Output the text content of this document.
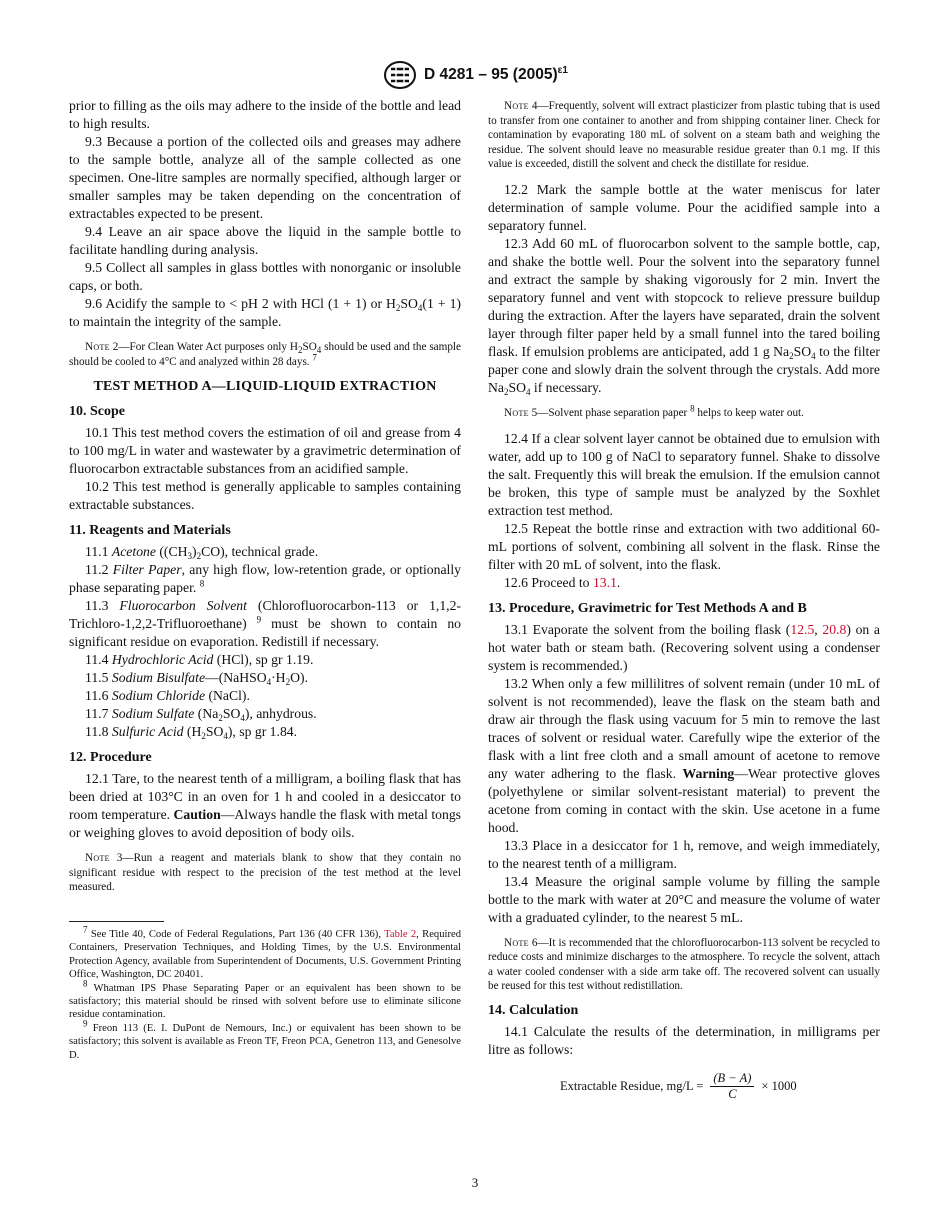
D 4281 – 95 $(2005)^{\varepsilon 1}$

prior to filling as the oils may adhere to the inside of the bottle and lead to high results.

9.3 Because a portion of the collected oils and greases may adhere to the sample bottle, analyze all of the sample collected as one specimen. One-litre samples are normally specified, although larger or smaller samples may be taken depending on the concentration of extractables expected to be present.

9.4 Leave an air space above the liquid in the sample bottle to facilitate handling during analysis.

9.5 Collect all samples in glass bottles with nonorganic or insoluble caps, or both.

9.6 Acidify the sample to < pH 2 with HCl (1 + 1) or $H_2SO_4(1 + 1)$ to maintain the integrity of the sample.

Note 2—For Clean Water Act purposes only $H_2SO_4$ should be used and the sample should be cooled to 4°C and analyzed within 28 days. $^7$

TEST METHOD A—LIQUID-LIQUID EXTRACTION
10. Scope

10.1 This test method covers the estimation of oil and grease from 4 to 100 mg/L in water and wastewater by a gravimetric determination of fluorocarbon extractable substances from an acidified sample.

10.2 This test method is generally applicable to samples containing extractable substances.

11. Reagents and Materials

11.1 Acetone $((CH_3)_2CO)$, technical grade.

11.2 Filter Paper, any high flow, low-retention grade, or optionally phase separating paper. $^8$

11.3 Fluorocarbon Solvent (Chlorofluorocarbon-113 or 1,1,2-Trichloro-1,2,2-Trifluoroethane) $^9$ must be shown to contain no significant residue on evaporation. Redistill if necessary.

11.4 Hydrochloric Acid (HCl), sp gr 1.19.

11.5 Sodium $Bisulfate—(NaHSO_4\cdot H_2O)$.

11.6 Sodium Chloride (NaCl).

11.7 Sodium Sulfate $(Na_2SO_4)$, anhydrous.

11.8 Sulfuric Acid $(H_2SO_4)$, sp gr 1.84.

12. Procedure

12.1 Tare, to the nearest tenth of a milligram, a boiling flask that has been dried at 103°C in an oven for 1 h and cooled in a desiccator to room temperature. Caution—Always handle the flask with metal tongs or weighing gloves to avoid deposition of body oils.

Note 3—Run a reagent and materials blank to show that they contain no significant residue with respect to the precision of the test method at the level measured.

$^7$ See Title 40, Code of Federal Regulations, Part 136 (40 CFR 136), Table 2, Required Containers, Preservation Techniques, and Holding Times, by the U.S. Environmental Protection Agency, available from Superintendent of Documents, U.S. Government Printing Office, Washington, DC 20401.

$^8$ Whatman IPS Phase Separating Paper or an equivalent has been shown to be satisfactory; this material should be rinsed with solvent before use to eliminate silicone residue contamination.

$^9$ Freon 113 (E. I. DuPont de Nemours, Inc.) or equivalent has been shown to be satisfactory; this solvent is available as Freon TF, Freon PCA, Genetron 113, and Genesolve D.

Note 4—Frequently, solvent will extract plasticizer from plastic tubing that is used to transfer from one container to another and from shipping container liner. Check for contamination by evaporating 180 mL of solvent on a steam bath and weighing the residue. The solvent should leave no measurable residue greater than 0.1 mg. If this value is exceeded, distill the solvent and check the distillate for residue.

12.2 Mark the sample bottle at the water meniscus for later determination of sample volume. Pour the acidified sample into a separatory funnel.

12.3 Add 60 mL of fluorocarbon solvent to the sample bottle, cap, and shake the bottle well. Pour the solvent into the separatory funnel and extract the sample by shaking vigorously for 2 min. Invert the separatory funnel and vent with stopcock to relieve pressure buildup during the extraction. After the layers have separated, drain the solvent layer through filter paper held by a small funnel into the tared boiling flask. If emulsion problems are anticipated, add 1 g $Na_2SO_4$ to the filter paper cone and slowly drain the solvent through the crystals. Add more $Na_2SO_4$ if necessary.

Note 5—Solvent phase separation paper $^8$ helps to keep water out.

12.4 If a clear solvent layer cannot be obtained due to emulsion with water, add up to 100 g of NaCl to separatory funnel. Shake to dissolve the salt. Frequently this will break the emulsion. If the emulsion cannot be broken, this type of sample must be analyzed by the Soxhlet extraction test method.

12.5 Repeat the bottle rinse and extraction with two additional 60-mL portions of solvent, combining all solvent in the flask. Rinse the filter with 20 mL of solvent, into the flask.

12.6 Proceed to 13.1.

13. Procedure, Gravimetric for Test Methods A and B

13.1 Evaporate the solvent from the boiling flask (12.5, 20.8) on a hot water bath or steam bath. (Recovering solvent using a condenser system is recommended.)

13.2 When only a few millilitres of solvent remain (under 10 mL of solvent is not recommended), leave the flask on the steam bath and draw air through the flask using vacuum for 5 min to remove the last traces of solvent or residual water. Carefully wipe the exterior of the flask with a lint free cloth and a small amount of acetone to remove any water adhering to the flask. Warning—Wear protective gloves (polyethylene or similar solvent-resistant material) to prevent the acetone from coming in contact with the skin. Use acetone in a fume hood.

13.3 Place in a desiccator for 1 h, remove, and weigh immediately, to the nearest tenth of a milligram.

13.4 Measure the original sample volume by filling the sample bottle to the mark with water at 20°C and measure the volume of water with a graduated cylinder, to the nearest 5 mL.

Note 6—It is recommended that the chlorofluorocarbon-113 solvent be recycled to reduce costs and minimize discharges to the atmosphere. To recycle the solvent, attach a water cooled condenser with a side arm take off. The recovered solvent can usually be reused for this test without redistillation.

14. Calculation

14.1 Calculate the results of the determination, in milligrams per litre as follows:

Extractable Residue, $mg/L = \frac{(B - A)}{C} \times 1000$
3
